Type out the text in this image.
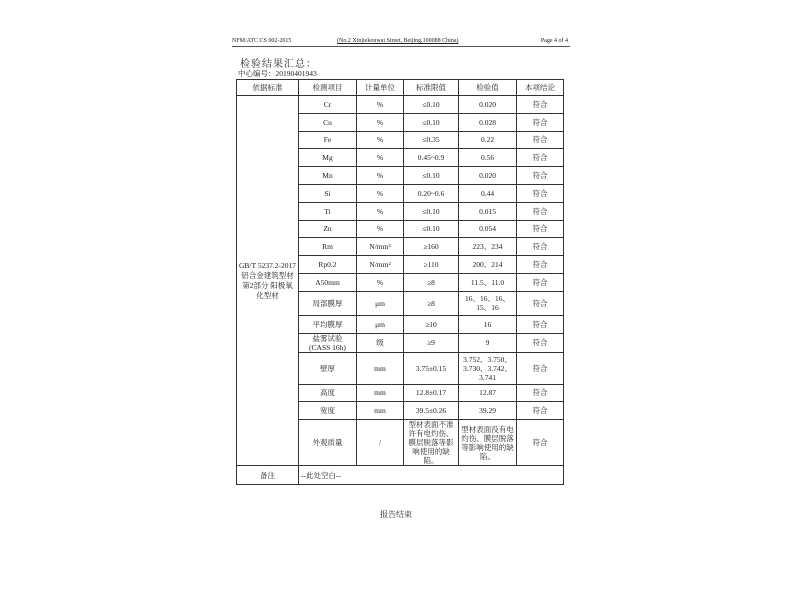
NFM/ATC CS 002-2015	(No.2 Xinjiekouwai Street, Beijing,100088 China)	Page 4 of 4
检验结果汇总：
中心编号：20190401943
依据标准	检测项目	计量单位	标准限值	检验值	本项结论
GB/T 5237.2-2017 铝合金建筑型材 第2部分 阳极氧化型材	Cr	%	≤0.10	0.020	符合
	Cu	%	≤0.10	0.028	符合
	Fe	%	≤0.35	0.22	符合
	Mg	%	0.45~0.9	0.56	符合
	Mn	%	≤0.10	0.020	符合
	Si	%	0.20~0.6	0.44	符合
	Ti	%	≤0.10	0.015	符合
	Zn	%	≤0.10	0.054	符合
	Rm	N/mm²	≥160	223、234	符合
	Rp0.2	N/mm²	≥110	200、214	符合
	A50mm	%	≥8	11.5、11.0	符合
	局部膜厚	μm	≥8	16、16、16、15、16	符合
	平均膜厚	μm	≥10	16	符合
	盐雾试验 (CASS 16h)	级	≥9	9	符合
	壁厚	mm	3.75±0.15	3.752、3.750、3.730、3.742、3.741	符合
	高度	mm	12.8±0.17	12.87	符合
	宽度	mm	39.5±0.26	39.29	符合
	外观质量	/	型材表面不准许有电灼伤、膜层脱落等影响使用的缺陷。	型材表面没有电灼伤、膜层脱落等影响使用的缺陷。	符合
备注	--此处空白--				
报告结束
